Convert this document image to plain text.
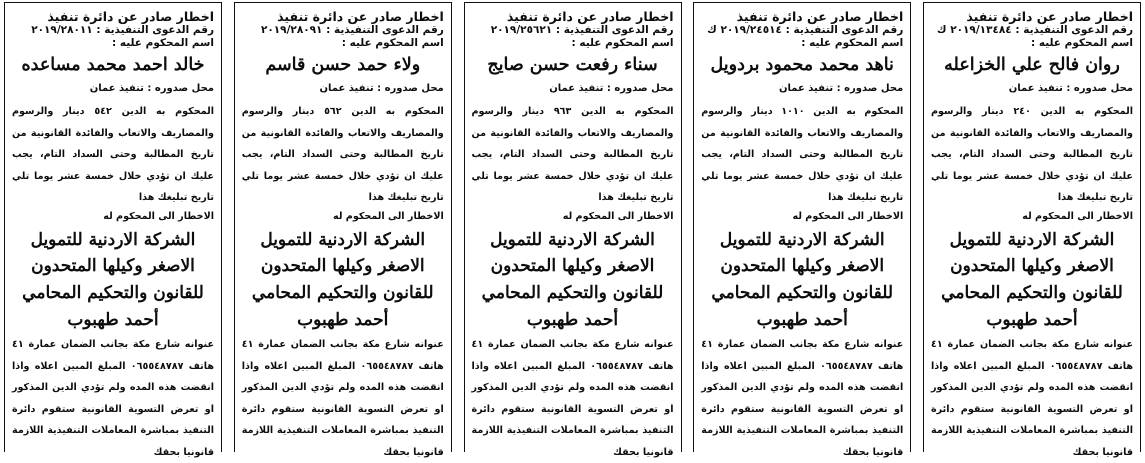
اخطار صادر عن دائرة تنفيذ

رقم الدعوى التنفيذية : ٢٠١٩/١٣٤٨٤ ك

اسم المحكوم عليه :

روان فالح علي الخزاعله

محل صدوره : تنفيذ عمان

المحكوم به الدين ٢٤٠ دينار والرسوم والمصاريف والاتعاب والفائدة القانونية من تاريخ المطالبة وحتى السداد التام، يجب عليك ان تؤدي خلال خمسة عشر يوما تلي تاريخ تبليغك هذا

الاخطار الى المحكوم له

الشركة الاردنية للتمويل الاصغر وكيلها المتحدون للقانون والتحكيم المحامي

أحمد طهبوب

عنوانه شارع مكة بجانب الضمان عمارة ٤١ هاتف ٠٦٥٥٤٨٧٨٧ المبلغ المبين اعلاه واذا انقضت هذه المده ولم تؤدي الدين المذكور او تعرض التسوية القانونية ستقوم دائرة التنفيذ بمباشرة المعاملات التنفيذية اللازمة قانونيا بحقك

اخطار صادر عن دائرة تنفيذ

رقم الدعوى التنفيذية : ٢٠١٩/٢٤٥١٤ ك

اسم المحكوم عليه :

ناهد محمد محمود بردويل

محل صدوره : تنفيذ عمان

المحكوم به الدين ١٠١٠ دينار والرسوم والمصاريف والاتعاب والفائدة القانونية من تاريخ المطالبة وحتى السداد التام، يجب عليك ان تؤدي خلال خمسة عشر يوما تلي تاريخ تبليغك هذا

الاخطار الى المحكوم له

الشركة الاردنية للتمويل الاصغر وكيلها المتحدون للقانون والتحكيم المحامي

أحمد طهبوب

عنوانه شارع مكة بجانب الضمان عمارة ٤١ هاتف ٠٦٥٥٤٨٧٨٧ المبلغ المبين اعلاه واذا انقضت هذه المده ولم تؤدي الدين المذكور او تعرض التسوية القانونية ستقوم دائرة التنفيذ بمباشرة المعاملات التنفيذية اللازمة قانونيا بحقك

اخطار صادر عن دائرة تنفيذ

رقم الدعوى التنفيذية : ٢٠١٩/٢٥٦٢١

اسم المحكوم عليه :

سناء رفعت حسن صايج

محل صدوره : تنفيذ عمان

المحكوم به الدين ٩٦٣ دينار والرسوم والمصاريف والاتعاب والفائدة القانونية من تاريخ المطالبة وحتى السداد التام، يجب عليك ان تؤدي خلال خمسة عشر يوما تلي تاريخ تبليغك هذا

الاخطار الى المحكوم له

الشركة الاردنية للتمويل الاصغر وكيلها المتحدون للقانون والتحكيم المحامي

أحمد طهبوب

عنوانه شارع مكة بجانب الضمان عمارة ٤١ هاتف ٠٦٥٥٤٨٧٨٧ المبلغ المبين اعلاه واذا انقضت هذه المده ولم تؤدي الدين المذكور او تعرض التسوية القانونية ستقوم دائرة التنفيذ بمباشرة المعاملات التنفيذية اللازمة قانونيا بحقك

اخطار صادر عن دائرة تنفيذ

رقم الدعوى التنفيذية : ٢٠١٩/٢٨٠٩١

اسم المحكوم عليه :

ولاء حمد حسن قاسم

محل صدوره : تنفيذ عمان

المحكوم به الدين ٥٦٢ دينار والرسوم والمصاريف والاتعاب والفائدة القانونية من تاريخ المطالبة وحتى السداد التام، يجب عليك ان تؤدي خلال خمسة عشر يوما تلي تاريخ تبليغك هذا

الاخطار الى المحكوم له

الشركة الاردنية للتمويل الاصغر وكيلها المتحدون للقانون والتحكيم المحامي

أحمد طهبوب

عنوانه شارع مكة بجانب الضمان عمارة ٤١ هاتف ٠٦٥٥٤٨٧٨٧ المبلغ المبين اعلاه واذا انقضت هذه المده ولم تؤدي الدين المذكور او تعرض التسوية القانونية ستقوم دائرة التنفيذ بمباشرة المعاملات التنفيذية اللازمة قانونيا بحقك

اخطار صادر عن دائرة تنفيذ

رقم الدعوى التنفيذية : ٢٠١٩/٢٨٠١١

اسم المحكوم عليه :

خالد احمد محمد مساعده

محل صدوره : تنفيذ عمان

المحكوم به الدين ٥٤٢ دينار والرسوم والمصاريف والاتعاب والفائدة القانونية من تاريخ المطالبة وحتى السداد التام، يجب عليك ان تؤدي خلال خمسة عشر يوما تلي تاريخ تبليغك هذا

الاخطار الى المحكوم له

الشركة الاردنية للتمويل الاصغر وكيلها المتحدون للقانون والتحكيم المحامي

أحمد طهبوب

عنوانه شارع مكة بجانب الضمان عمارة ٤١ هاتف ٠٦٥٥٤٨٧٨٧ المبلغ المبين اعلاه واذا انقضت هذه المده ولم تؤدي الدين المذكور او تعرض التسوية القانونية ستقوم دائرة التنفيذ بمباشرة المعاملات التنفيذية اللازمة قانونيا بحقك
